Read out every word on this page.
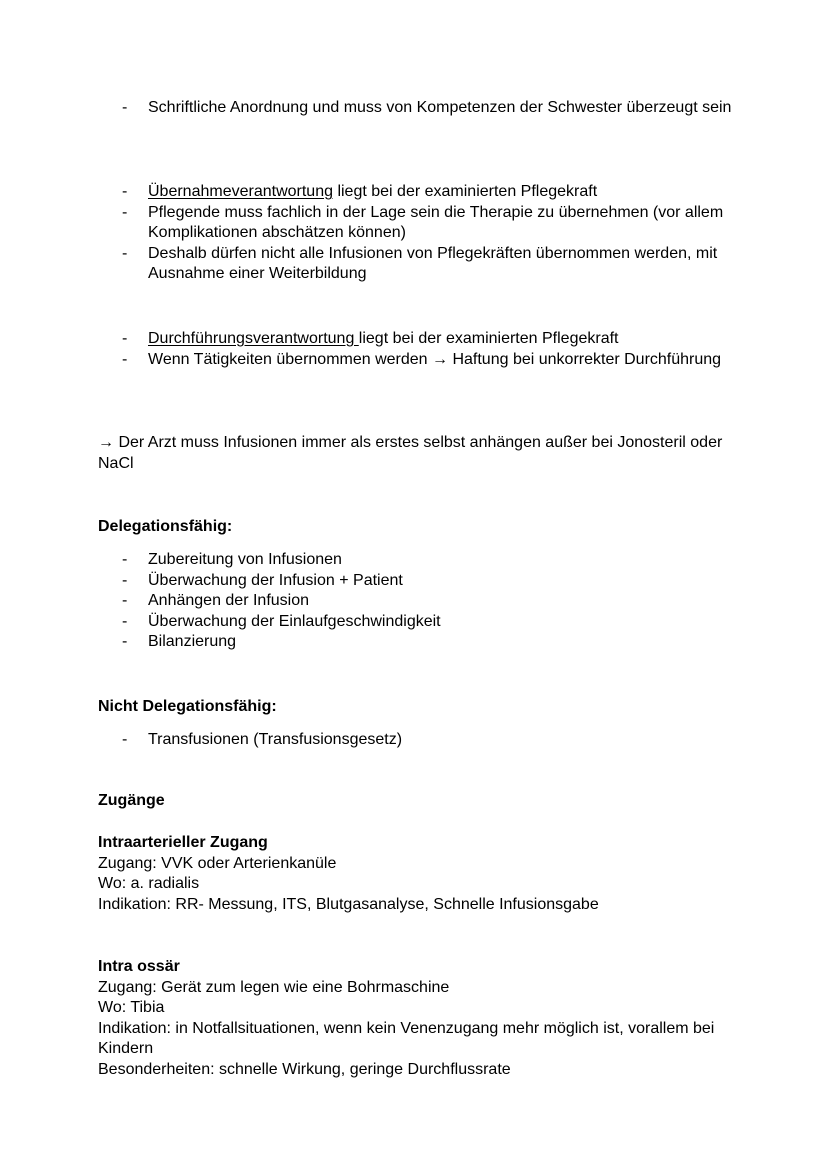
- Schriftliche Anordnung und muss von Kompetenzen der Schwester überzeugt sein
- Übernahmeverantwortung liegt bei der examinierten Pflegekraft
- Pflegende muss fachlich in der Lage sein die Therapie zu übernehmen (vor allem Komplikationen abschätzen können)
- Deshalb dürfen nicht alle Infusionen von Pflegekräften übernommen werden, mit Ausnahme einer Weiterbildung
- Durchführungsverantwortung liegt bei der examinierten Pflegekraft
- Wenn Tätigkeiten übernommen werden → Haftung bei unkorrekter Durchführung
→ Der Arzt muss Infusionen immer als erstes selbst anhängen außer bei Jonosteril oder NaCl
Delegationsfähig:
- Zubereitung von Infusionen
- Überwachung der Infusion + Patient
- Anhängen der Infusion
- Überwachung der Einlaufgeschwindigkeit
- Bilanzierung
Nicht Delegationsfähig:
- Transfusionen (Transfusionsgesetz)
Zugänge
Intraarterieller Zugang
Zugang: VVK oder Arterienkanüle
Wo: a. radialis
Indikation: RR- Messung, ITS, Blutgasanalyse, Schnelle Infusionsgabe
Intra ossär
Zugang: Gerät zum legen wie eine Bohrmaschine
Wo: Tibia
Indikation: in Notfallsituationen, wenn kein Venenzugang mehr möglich ist, vorallem bei Kindern
Besonderheiten: schnelle Wirkung, geringe Durchflussrate
